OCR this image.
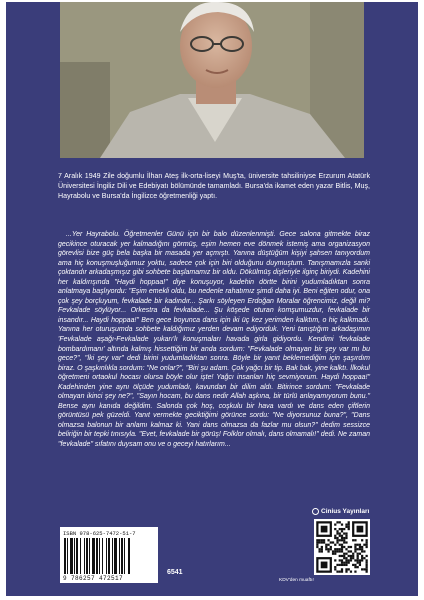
7 Aralık 1949 Zile doğumlu İlhan Ateş ilk-orta-liseyi Muş'ta, üniversite tahsiliniyse Erzurum Atatürk Üniversitesi İngiliz Dili ve Edebiyatı bölümünde tamamladı. Bursa'da ikamet eden yazar Bitlis, Muş, Hayrabolu ve Bursa'da İngilizce öğretmenliği yaptı.

...Yer Hayrabolu. Öğretmenler Günü için bir balo düzenlenmişti. Gece salona gitmekte biraz gecikince oturacak yer kalmadığını görmüş, eşim hemen eve dönmek istemiş ama organizasyon görevlisi bize güç bela başka bir masada yer açmıştı. Yanına düştüğüm kişiyi şahsen tanıyordum ama hiç konuşmuşluğumuz yoktu, sadece çok için biri olduğunu duymuştum. Tanışmamızla sanki çoktandır arkadaşmışız gibi sohbete başlamamız bir oldu. Dökülmüş dişleriyle ilginç biriydi. Kadehini her kaldırışında "Haydi hoppaa!" diye konuşuyor, kadehin dörtte birini yudumladıktan sonra anlatmaya başlıyordu: "Eşim emekli oldu, bu nedenle rahatımız şimdi daha iyi. Beni eğiten odur, ona çok şey borçluyum, fevkalade bir kadındır... Şarkı söyleyen Erdoğan Moralar öğrencimiz, değil mi? Fevkalade söylüyor... Orkestra da fevkalade... Şu köşede oturan komşumuzdur, fevkalade bir insandır... Haydi hoppaa!" Ben gece boyunca dans için iki üç kez yerimden kalktım, o hiç kalkmadı. Yanına her oturuşumda sohbete kaldığımız yerden devam ediyorduk. Yeni tanıştığım arkadaşımın 'Fevkalade aşağı-Fevkalade yukarı'lı konuşmaları havada girla gidiyordu. Kendimi 'fevkalade bombardımanı' altında kalmış hissettiğim bir anda sordum: "Fevkalade olmayan bir şey var mı bu gece?", "İki şey var" dedi birini yudumladıktan sonra. Böyle bir yanıt beklemediğim için şaşırdım biraz. O şaşkınlıkla sordum: "Ne onlar?", "Biri şu adam. Çok yağcı bir tip. Bak bak, yine kalktı. İlkokul öğretmeni ortaokul hocası olursa böyle olur işte! Yağcı insanları hiç sevmiyorum. Haydi hoppaa!" Kadehinden yine aynı ölçüde yudumladı, kavundan bir dilim aldı. Bitirince sordum: "Fevkalade olmayan ikinci şey ne?", "Sayın hocam, bu dans nedir Allah aşkına, bir türlü anlayamıyorum bunu." Bense aynı kanıda değildim. Salonda çok hoş, coşkulu bir hava vardı ve dans eden çiftlerin görüntüsü pek güzeldi. Yanıt vermekte geciktiğimi görünce sordu: "Ne diyorsunuz buna?", "Dans olmazsa balonun bir anlamı kalmaz ki. Yani dans olmazsa da fazlar mu olsun?" dedim sessizce beliriğin bir tepki tınısıyla. "Evet, fevkalade bir görüş! Folklor olmalı, dans olmamalı!" dedi. Ne zaman "fevkalade" sıfatını duysam onu ve o geceyi hatırlarım...

ISBN 978-625-7472-51-7
9 786257 472517
6541
KDV'den muaftır
Cinius Yayınları
